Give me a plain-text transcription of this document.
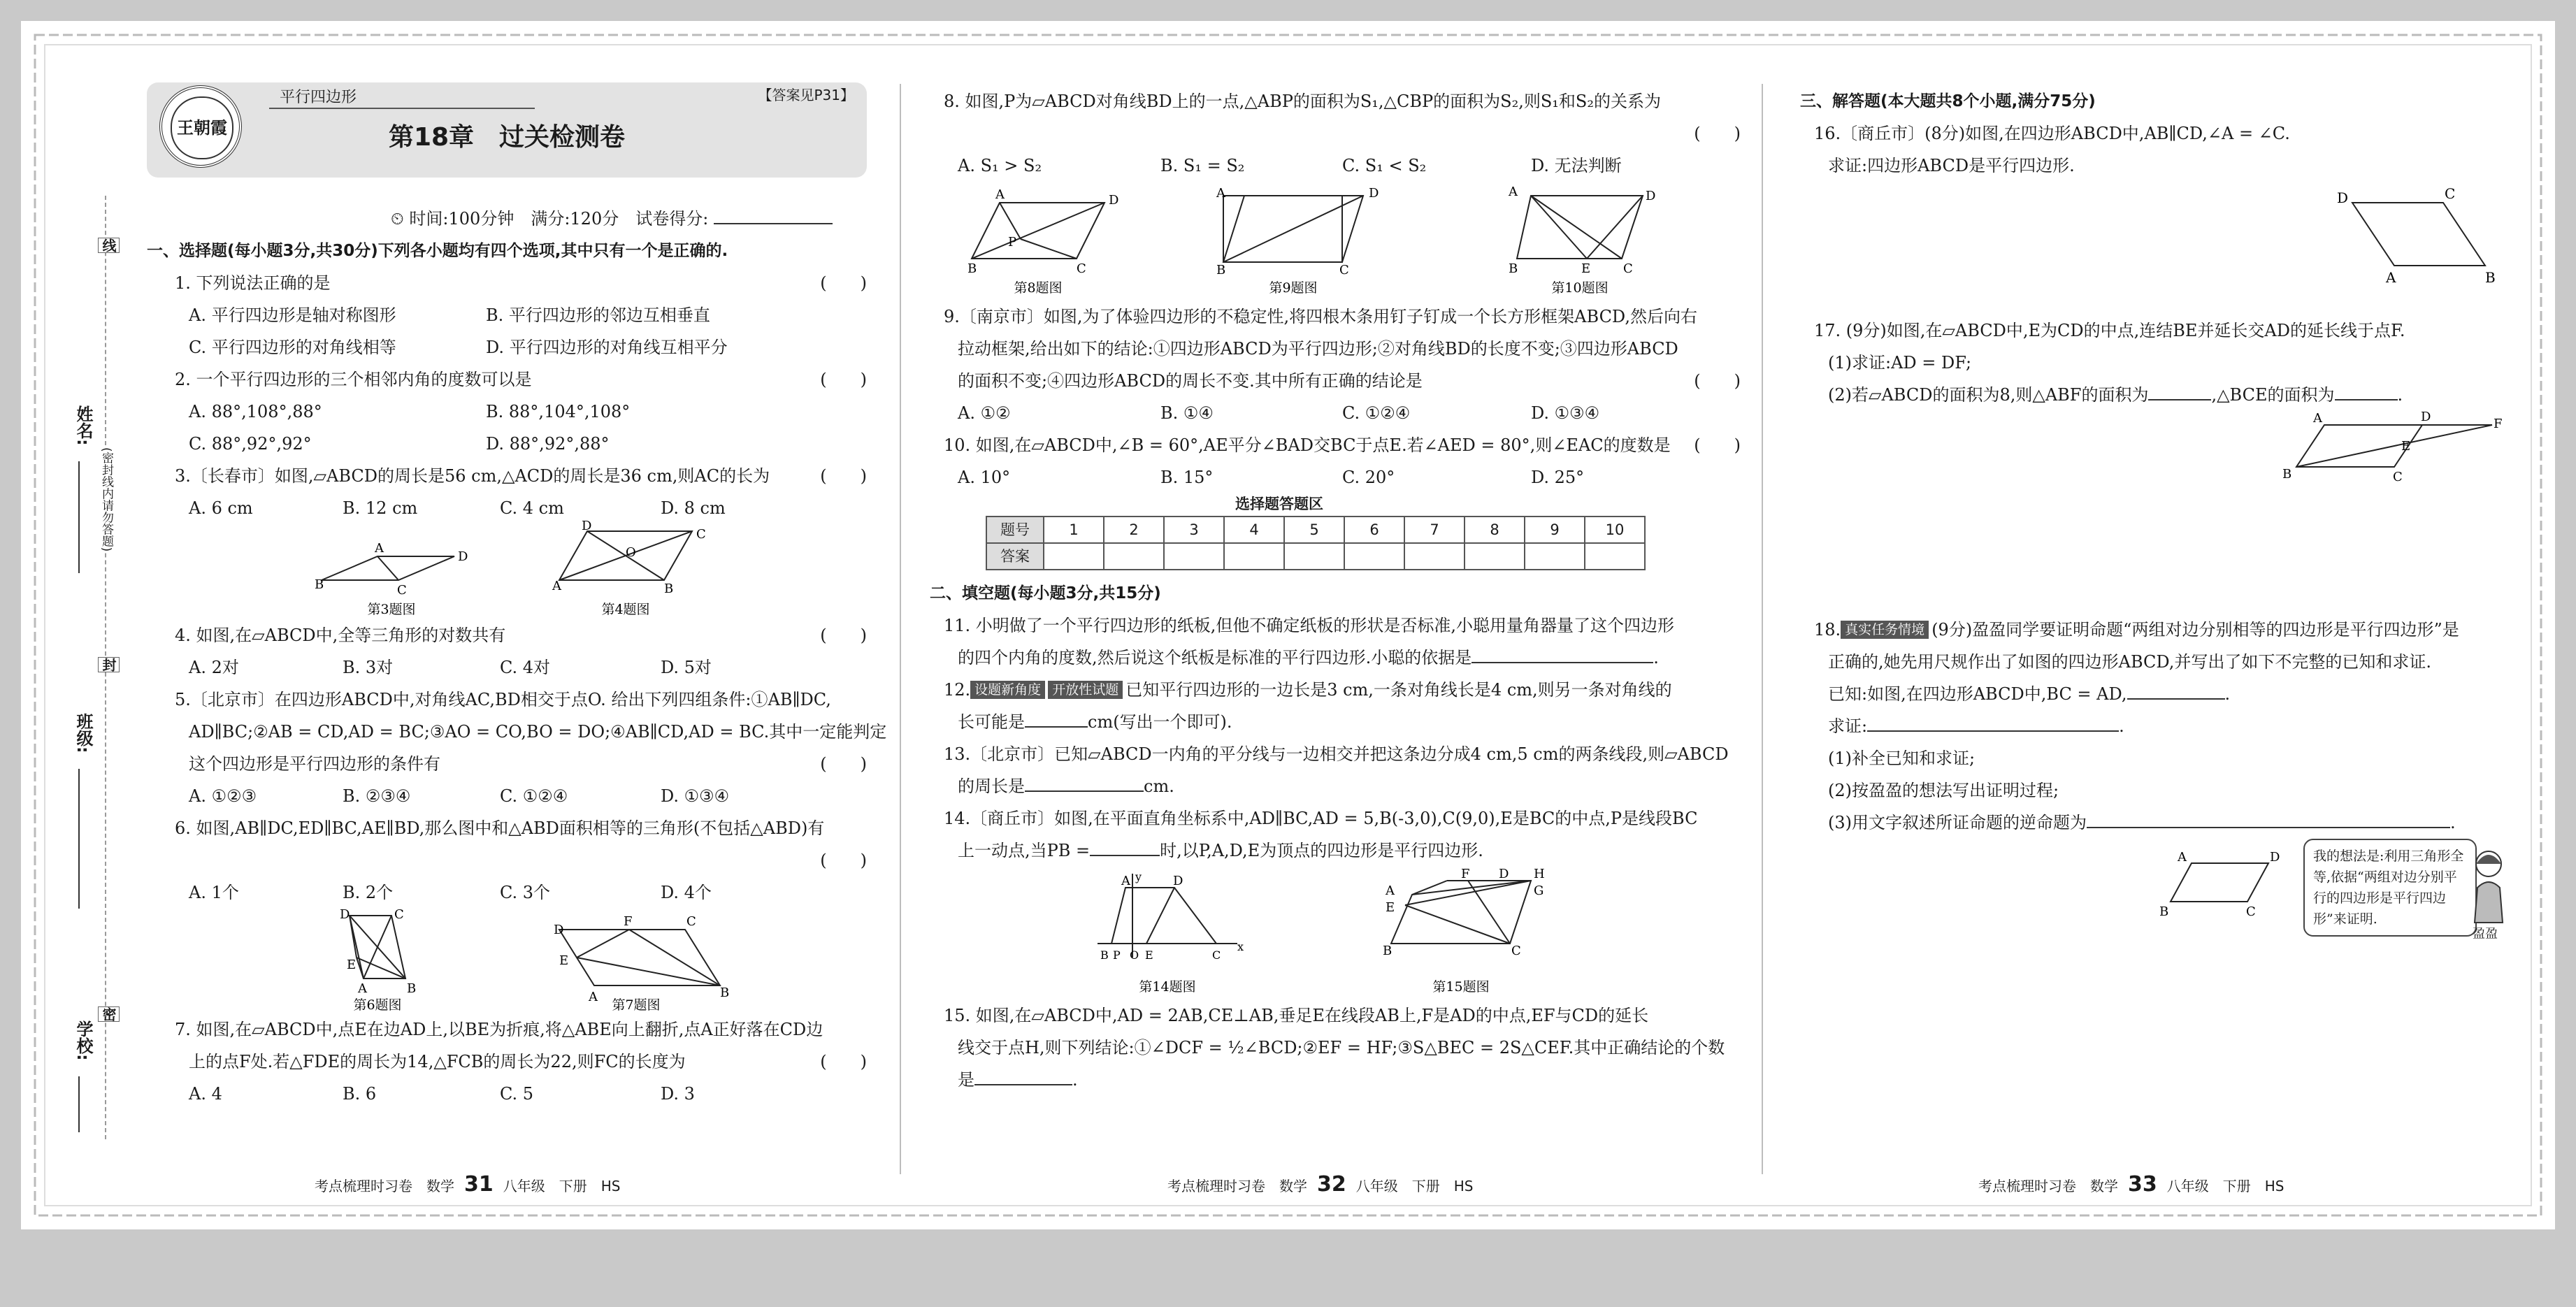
姓名:
班级:
学校:
线
封
密
(密封线内请勿答题)
王朝霞
平行四边形	【答案见P31】
第18章　过关检测卷
⏲ 时间:100分钟　满分:120分　试卷得分:
一、选择题(每小题3分,共30分)下列各小题均有四个选项,其中只有一个是正确的.
1. 下列说法正确的是	(　　)
A. 平行四边形是轴对称图形	B. 平行四边形的邻边互相垂直
C. 平行四边形的对角线相等	D. 平行四边形的对角线互相平分
2. 一个平行四边形的三个相邻内角的度数可以是	(　　)
A. 88°,108°,88°	B. 88°,104°,108°
C. 88°,92°,92°	D. 88°,92°,88°
3.〔长春市〕如图,▱ABCD的周长是56 cm,△ACD的周长是36 cm,则AC的长为	(　　)
A. 6 cm	B. 12 cm	C. 4 cm	D. 8 cm
B
A
D
C
第3题图
A
D
C
B
O
第4题图
4. 如图,在▱ABCD中,全等三角形的对数共有	(　　)
A. 2对	B. 3对	C. 4对	D. 5对
5.〔北京市〕在四边形ABCD中,对角线AC,BD相交于点O. 给出下列四组条件:①AB∥DC,
AD∥BC;②AB = CD,AD = BC;③AO = CO,BO = DO;④AB∥CD,AD = BC.其中一定能判定
这个四边形是平行四边形的条件有	(　　)
A. ①②③	B. ②③④	C. ①②④	D. ①③④
6. 如图,AB∥DC,ED∥BC,AE∥BD,那么图中和△ABD面积相等的三角形(不包括△ABD)有
(　　)
A. 1个	B. 2个	C. 3个	D. 4个
D	C
E
A	B
第6题图
D
F	C
E
A	B
第7题图
7. 如图,在▱ABCD中,点E在边AD上,以BE为折痕,将△ABE向上翻折,点A正好落在CD边
上的点F处.若△FDE的周长为14,△FCB的周长为22,则FC的长度为	(　　)
A. 4	B. 6	C. 5	D. 3
8. 如图,P为▱ABCD对角线BD上的一点,△ABP的面积为S₁,△CBP的面积为S₂,则S₁和S₂的关系为
(　　)
A. S₁ > S₂	B. S₁ = S₂	C. S₁ < S₂	D. 无法判断
A	D
B	C
P
第8题图
A	D
B	C
第9题图
A	D
B	E	C
第10题图
9.〔南京市〕如图,为了体验四边形的不稳定性,将四根木条用钉子钉成一个长方形框架ABCD,然后向右
拉动框架,给出如下的结论:①四边形ABCD为平行四边形;②对角线BD的长度不变;③四边形ABCD
的面积不变;④四边形ABCD的周长不变.其中所有正确的结论是	(　　)
A. ①②	B. ①④	C. ①②④	D. ①③④
10. 如图,在▱ABCD中,∠B = 60°,AE平分∠BAD交BC于点E.若∠AED = 80°,则∠EAC的度数是 (　　)
A. 10°	B. 15°	C. 20°	D. 25°
选择题答题区
题号	1	2	3	4	5	6	7	8	9	10
答案										
二、填空题(每小题3分,共15分)
11. 小明做了一个平行四边形的纸板,但他不确定纸板的形状是否标准,小聪用量角器量了这个四边形
的四个内角的度数,然后说这个纸板是标准的平行四边形.小聪的依据是	.
12. 设题新角度 开放性试题 已知平行四边形的一边长是3 cm,一条对角线长是4 cm,则另一条对角线的
长可能是	cm(写出一个即可).
13.〔北京市〕已知▱ABCD一内角的平分线与一边相交并把这条边分成4 cm,5 cm的两条线段,则▱ABCD
的周长是	cm.
14.〔商丘市〕如图,在平面直角坐标系中,AD∥BC,AD = 5,B(-3,0),C(9,0),E是BC的中点,P是线段BC
上一动点,当PB =	时,以P,A,D,E为顶点的四边形是平行四边形.
x
y
A	D
B P O E	C
第14题图
E
A
F D H
G
B	C
第15题图
15. 如图,在▱ABCD中,AD = 2AB,CE⊥AB,垂足E在线段AB上,F是AD的中点,EF与CD的延长
线交于点H,则下列结论:①∠DCF = ½∠BCD;②EF = HF;③S△BEC = 2S△CEF.其中正确结论的个数
是	.
三、解答题(本大题共8个小题,满分75分)
16.〔商丘市〕(8分)如图,在四边形ABCD中,AB∥CD,∠A = ∠C.
求证:四边形ABCD是平行四边形.
D	C
A	B
17. (9分)如图,在▱ABCD中,E为CD的中点,连结BE并延长交AD的延长线于点F.
(1)求证:AD = DF;
(2)若▱ABCD的面积为8,则△ABF的面积为	,△BCE的面积为	.
A	D	F
E
B	C
18. 真实任务情境 (9分)盈盈同学要证明命题“两组对边分别相等的四边形是平行四边形”是
正确的,她先用尺规作出了如图的四边形ABCD,并写出了如下不完整的已知和求证.
已知:如图,在四边形ABCD中,BC = AD,	.
求证:	.
(1)补全已知和求证;
(2)按盈盈的想法写出证明过程;
(3)用文字叙述所证命题的逆命题为	.
A	D
B	C
我的想法是:利用三角形全等,依据“两组对边分别平行的四边形是平行四边形”来证明.
盈盈
考点梳理时习卷　数学 31 八年级　下册　HS	考点梳理时习卷　数学 32 八年级　下册　HS	考点梳理时习卷　数学 33 八年级　下册　HS
